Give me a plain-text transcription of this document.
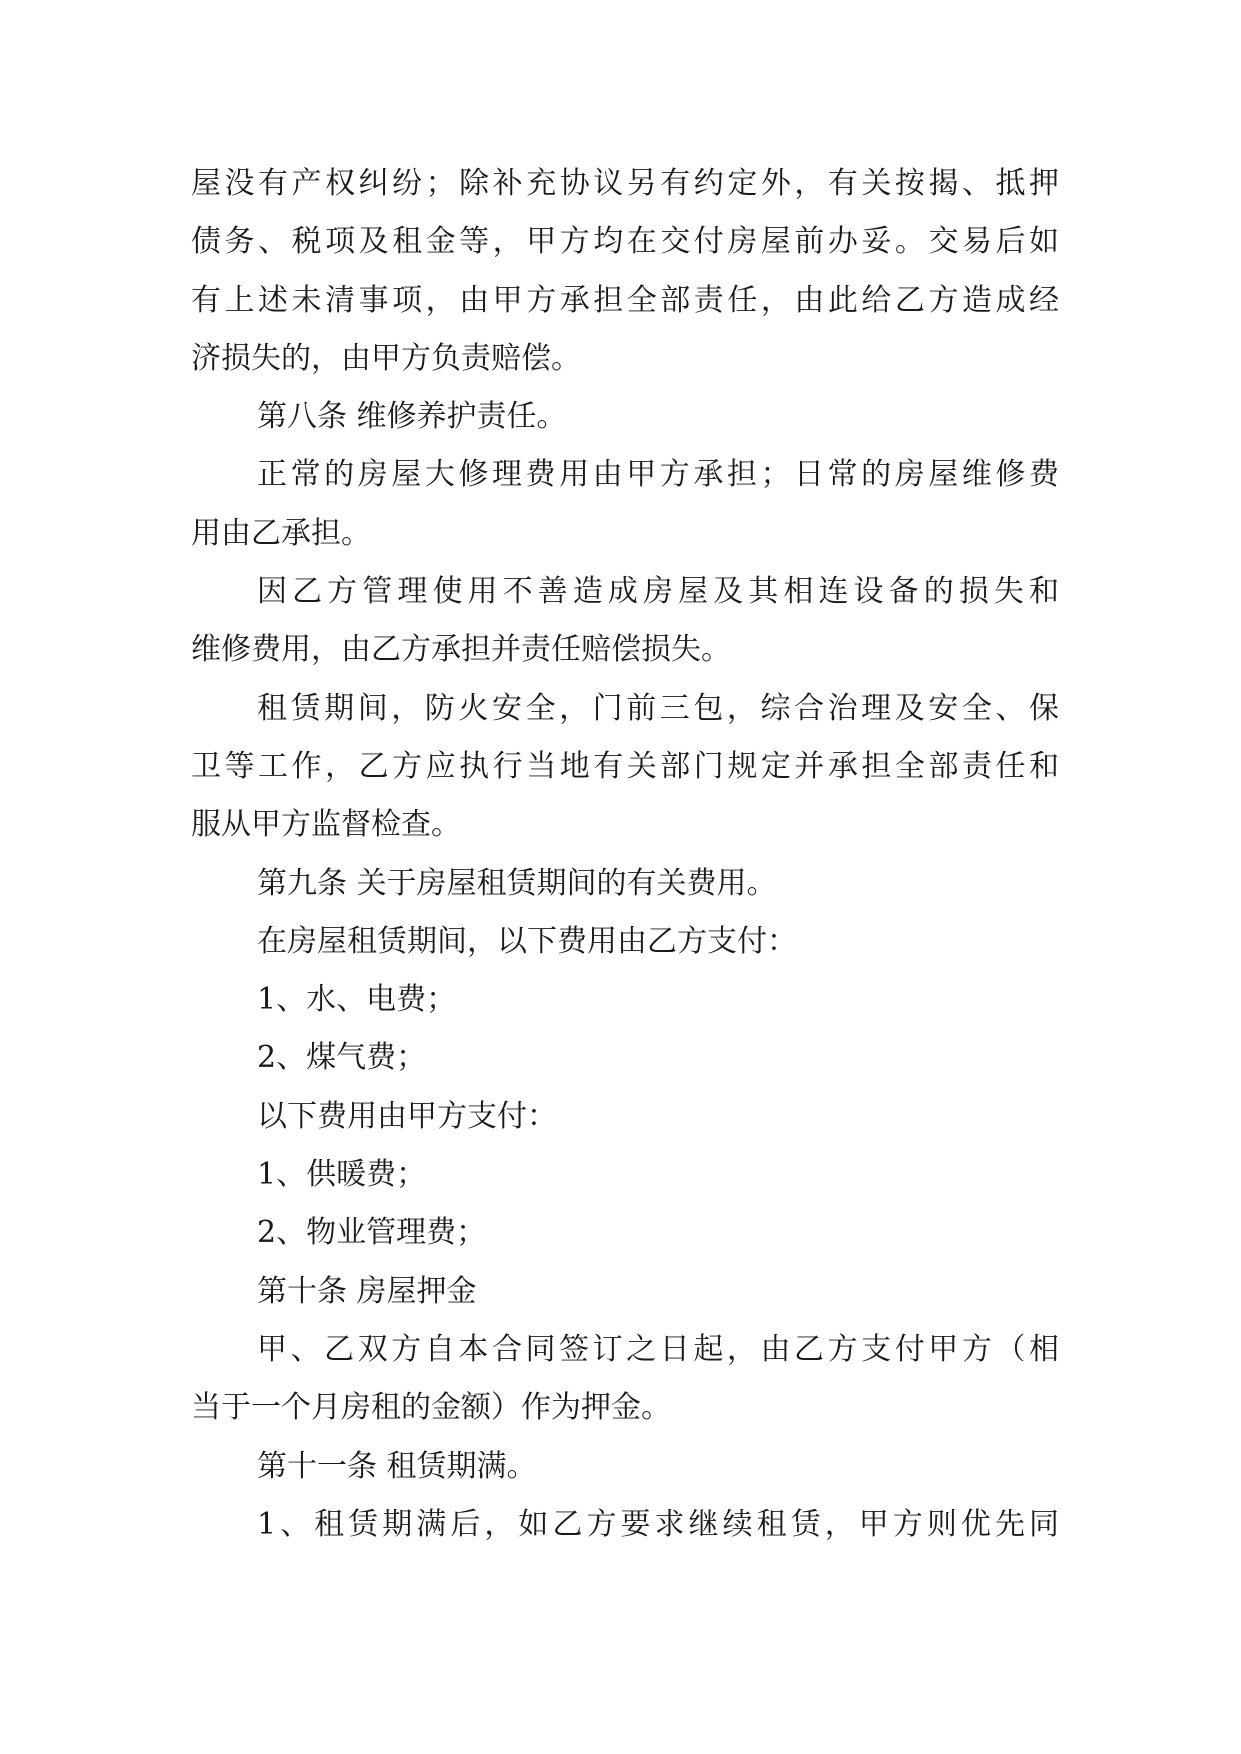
屋没有产权纠纷；除补充协议另有约定外，有关按揭、抵押
债务、税项及租金等，甲方均在交付房屋前办妥。交易后如
有上述未清事项，由甲方承担全部责任，由此给乙方造成经
济损失的，由甲方负责赔偿。
第八条 维修养护责任。
正常的房屋大修理费用由甲方承担；日常的房屋维修费
用由乙承担。
因乙方管理使用不善造成房屋及其相连设备的损失和
维修费用，由乙方承担并责任赔偿损失。
租赁期间，防火安全，门前三包，综合治理及安全、保
卫等工作，乙方应执行当地有关部门规定并承担全部责任和
服从甲方监督检查。
第九条 关于房屋租赁期间的有关费用。
在房屋租赁期间，以下费用由乙方支付：
1、水、电费；
2、煤气费；
以下费用由甲方支付：
1、供暖费；
2、物业管理费；
第十条 房屋押金
甲、乙双方自本合同签订之日起，由乙方支付甲方（相
当于一个月房租的金额）作为押金。
第十一条 租赁期满。
1、租赁期满后，如乙方要求继续租赁，甲方则优先同
